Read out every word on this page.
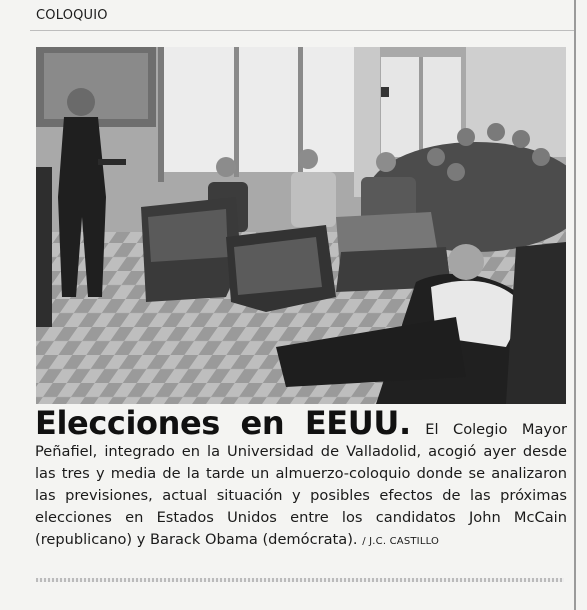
COLOQUIO
Elecciones en EEUU. El Colegio Mayor Peñafiel, integrado en la Universidad de Valladolid, acogió ayer desde las tres y media de la tarde un almuerzo-coloquio donde se analizaron las previsiones, actual situación y posibles efectos de las próximas elecciones en Estados Unidos entre los candidatos John McCain (republicano) y Barack Obama (demócrata). / J.C. CASTILLO
